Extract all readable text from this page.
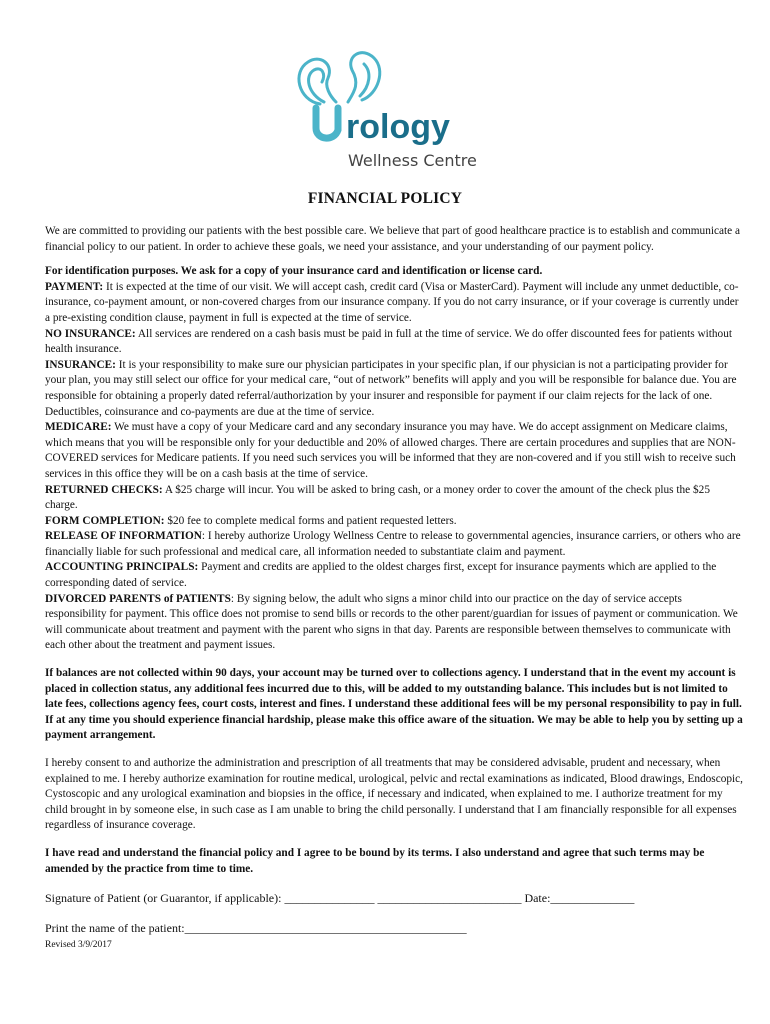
rology
Wellness Centre
FINANCIAL POLICY

We are committed to providing our patients with the best possible care. We believe that part of good healthcare practice is to establish and communicate a financial policy to our patient. In order to achieve these goals, we need your assistance, and your understanding of our payment policy.

For identification purposes. We ask for a copy of your insurance card and identification or license card.

PAYMENT: It is expected at the time of our visit. We will accept cash, credit card (Visa or MasterCard). Payment will include any unmet deductible, co-insurance, co-payment amount, or non-covered charges from our insurance company. If you do not carry insurance, or if your coverage is currently under a pre-existing condition clause, payment in full is expected at the time of service.

NO INSURANCE: All services are rendered on a cash basis must be paid in full at the time of service. We do offer discounted fees for patients without health insurance.

INSURANCE: It is your responsibility to make sure our physician participates in your specific plan, if our physician is not a participating provider for your plan, you may still select our office for your medical care, “out of network” benefits will apply and you will be responsible for balance due. You are responsible for obtaining a properly dated referral/authorization by your insurer and responsible for payment if our claim rejects for the lack of one. Deductibles, coinsurance and co-payments are due at the time of service.

MEDICARE: We must have a copy of your Medicare card and any secondary insurance you may have. We do accept assignment on Medicare claims, which means that you will be responsible only for your deductible and 20% of allowed charges. There are certain procedures and supplies that are NON-COVERED services for Medicare patients. If you need such services you will be informed that they are non-covered and if you still wish to receive such services in this office they will be on a cash basis at the time of service.

RETURNED CHECKS: A $25 charge will incur. You will be asked to bring cash, or a money order to cover the amount of the check plus the $25 charge.

FORM COMPLETION: $20 fee to complete medical forms and patient requested letters.

RELEASE OF INFORMATION: I hereby authorize Urology Wellness Centre to release to governmental agencies, insurance carriers, or others who are financially liable for such professional and medical care, all information needed to substantiate claim and payment.

ACCOUNTING PRINCIPALS: Payment and credits are applied to the oldest charges first, except for insurance payments which are applied to the corresponding dated of service.

DIVORCED PARENTS of PATIENTS: By signing below, the adult who signs a minor child into our practice on the day of service accepts responsibility for payment. This office does not promise to send bills or records to the other parent/guardian for issues of payment or communication. We will communicate about treatment and payment with the parent who signs in that day. Parents are responsible between themselves to communicate with each other about the treatment and payment issues.

If balances are not collected within 90 days, your account may be turned over to collections agency. I understand that in the event my account is placed in collection status, any additional fees incurred due to this, will be added to my outstanding balance. This includes but is not limited to late fees, collections agency fees, court costs, interest and fines. I understand these additional fees will be my personal responsibility to pay in full.

If at any time you should experience financial hardship, please make this office aware of the situation. We may be able to help you by setting up a payment arrangement.

I hereby consent to and authorize the administration and prescription of all treatments that may be considered advisable, prudent and necessary, when explained to me. I hereby authorize examination for routine medical, urological, pelvic and rectal examinations as indicated, Blood drawings, Endoscopic, Cystoscopic and any urological examination and biopsies in the office, if necessary and indicated, when explained to me. I authorize treatment for my child brought in by someone else, in such case as I am unable to bring the child personally. I understand that I am financially responsible for all expenses regardless of insurance coverage.

I have read and understand the financial policy and I agree to be bound by its terms. I also understand and agree that such terms may be amended by the practice from time to time.

Signature of Patient (or Guarantor, if applicable): _______________ ________________________ Date:______________

Print the name of the patient:_______________________________________________

Revised 3/9/2017
